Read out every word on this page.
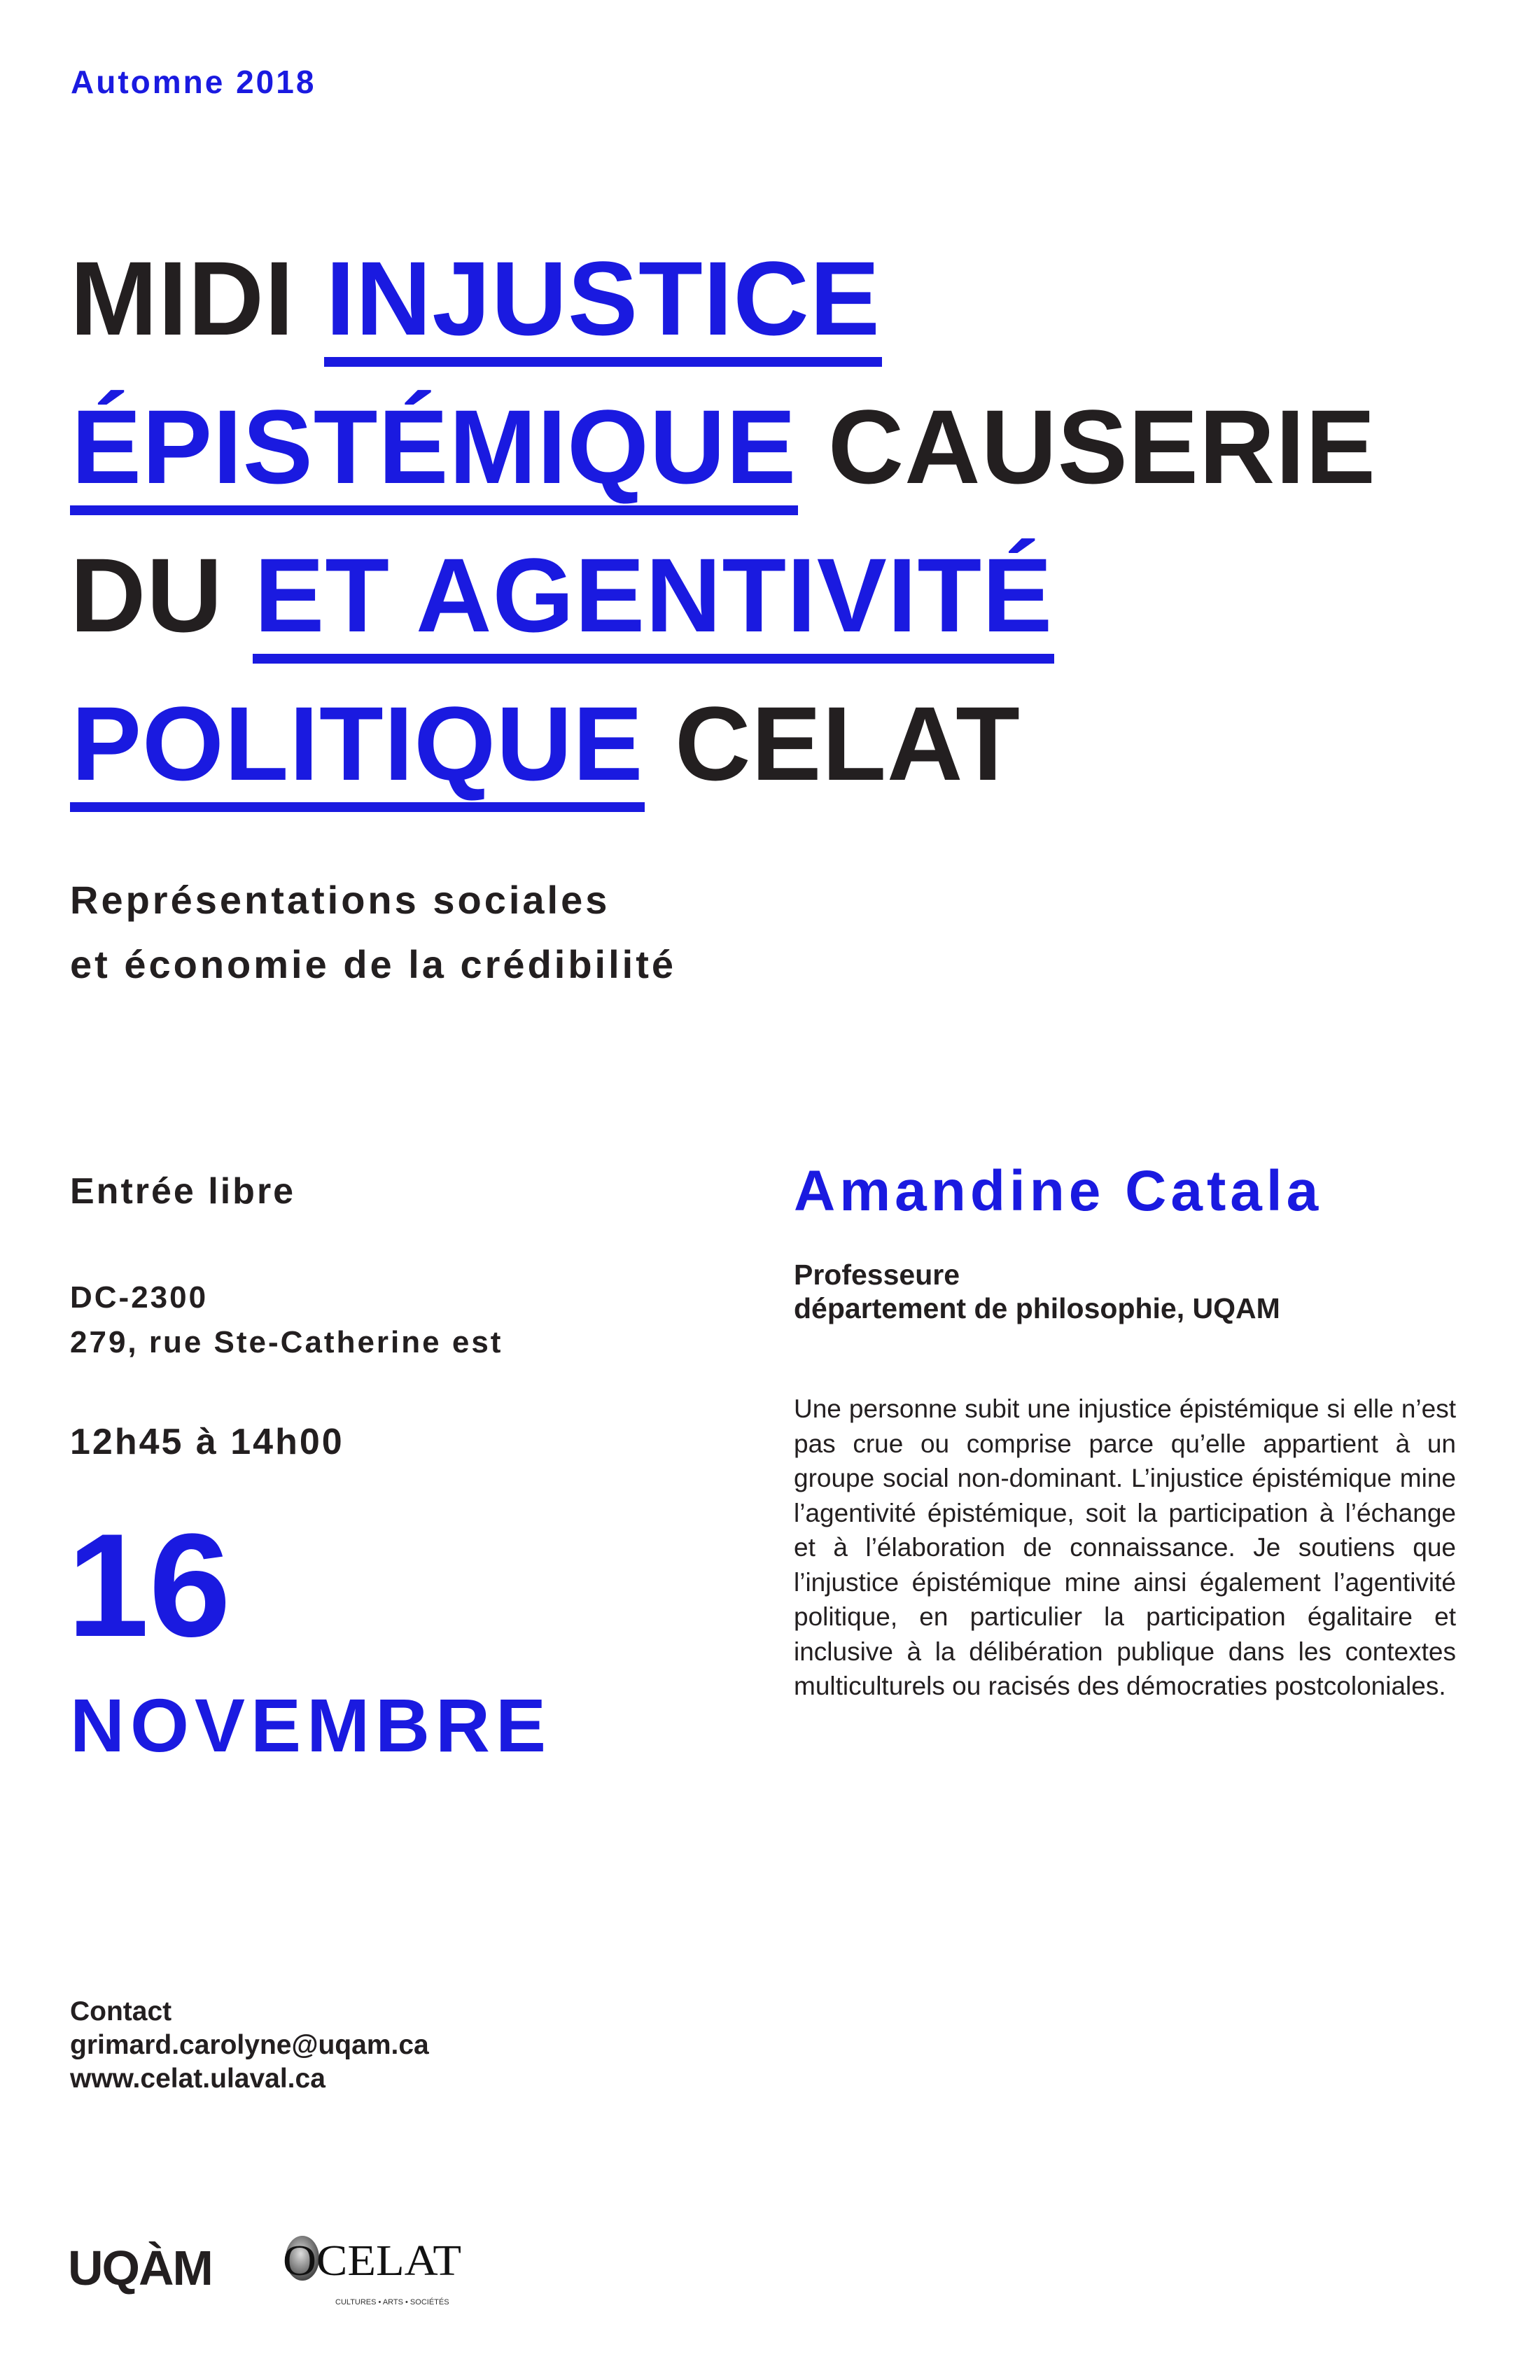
Automne 2018
MIDI INJUSTICE
ÉPISTÉMIQUE CAUSERIE
DU ET AGENTIVITÉ
POLITIQUE CELAT
Représentations sociales
et économie de la crédibilité
Entrée libre
DC-2300
279, rue Ste-Catherine est
12h45 à 14h00
16
NOVEMBRE
Amandine Catala
Professeure
département de philosophie, UQAM
Une personne subit une injustice épistémique si elle n’est pas crue ou comprise parce qu’elle appartient à un groupe social non-dominant. L’injustice épistémique mine l’agentivité épistémique, soit la participation à l’échange et à l’élaboration de connaissance. Je soutiens que l’injustice épistémique mine ainsi également l’agentivité politique, en particulier la participation égalitaire et inclusive à la délibération publique dans les contextes multiculturels ou racisés des démocraties postcoloniales.
Contact
grimard.carolyne@uqam.ca
www.celat.ulaval.ca
UQÀM OCELAT
CULTURES • ARTS • SOCIÉTÉS
